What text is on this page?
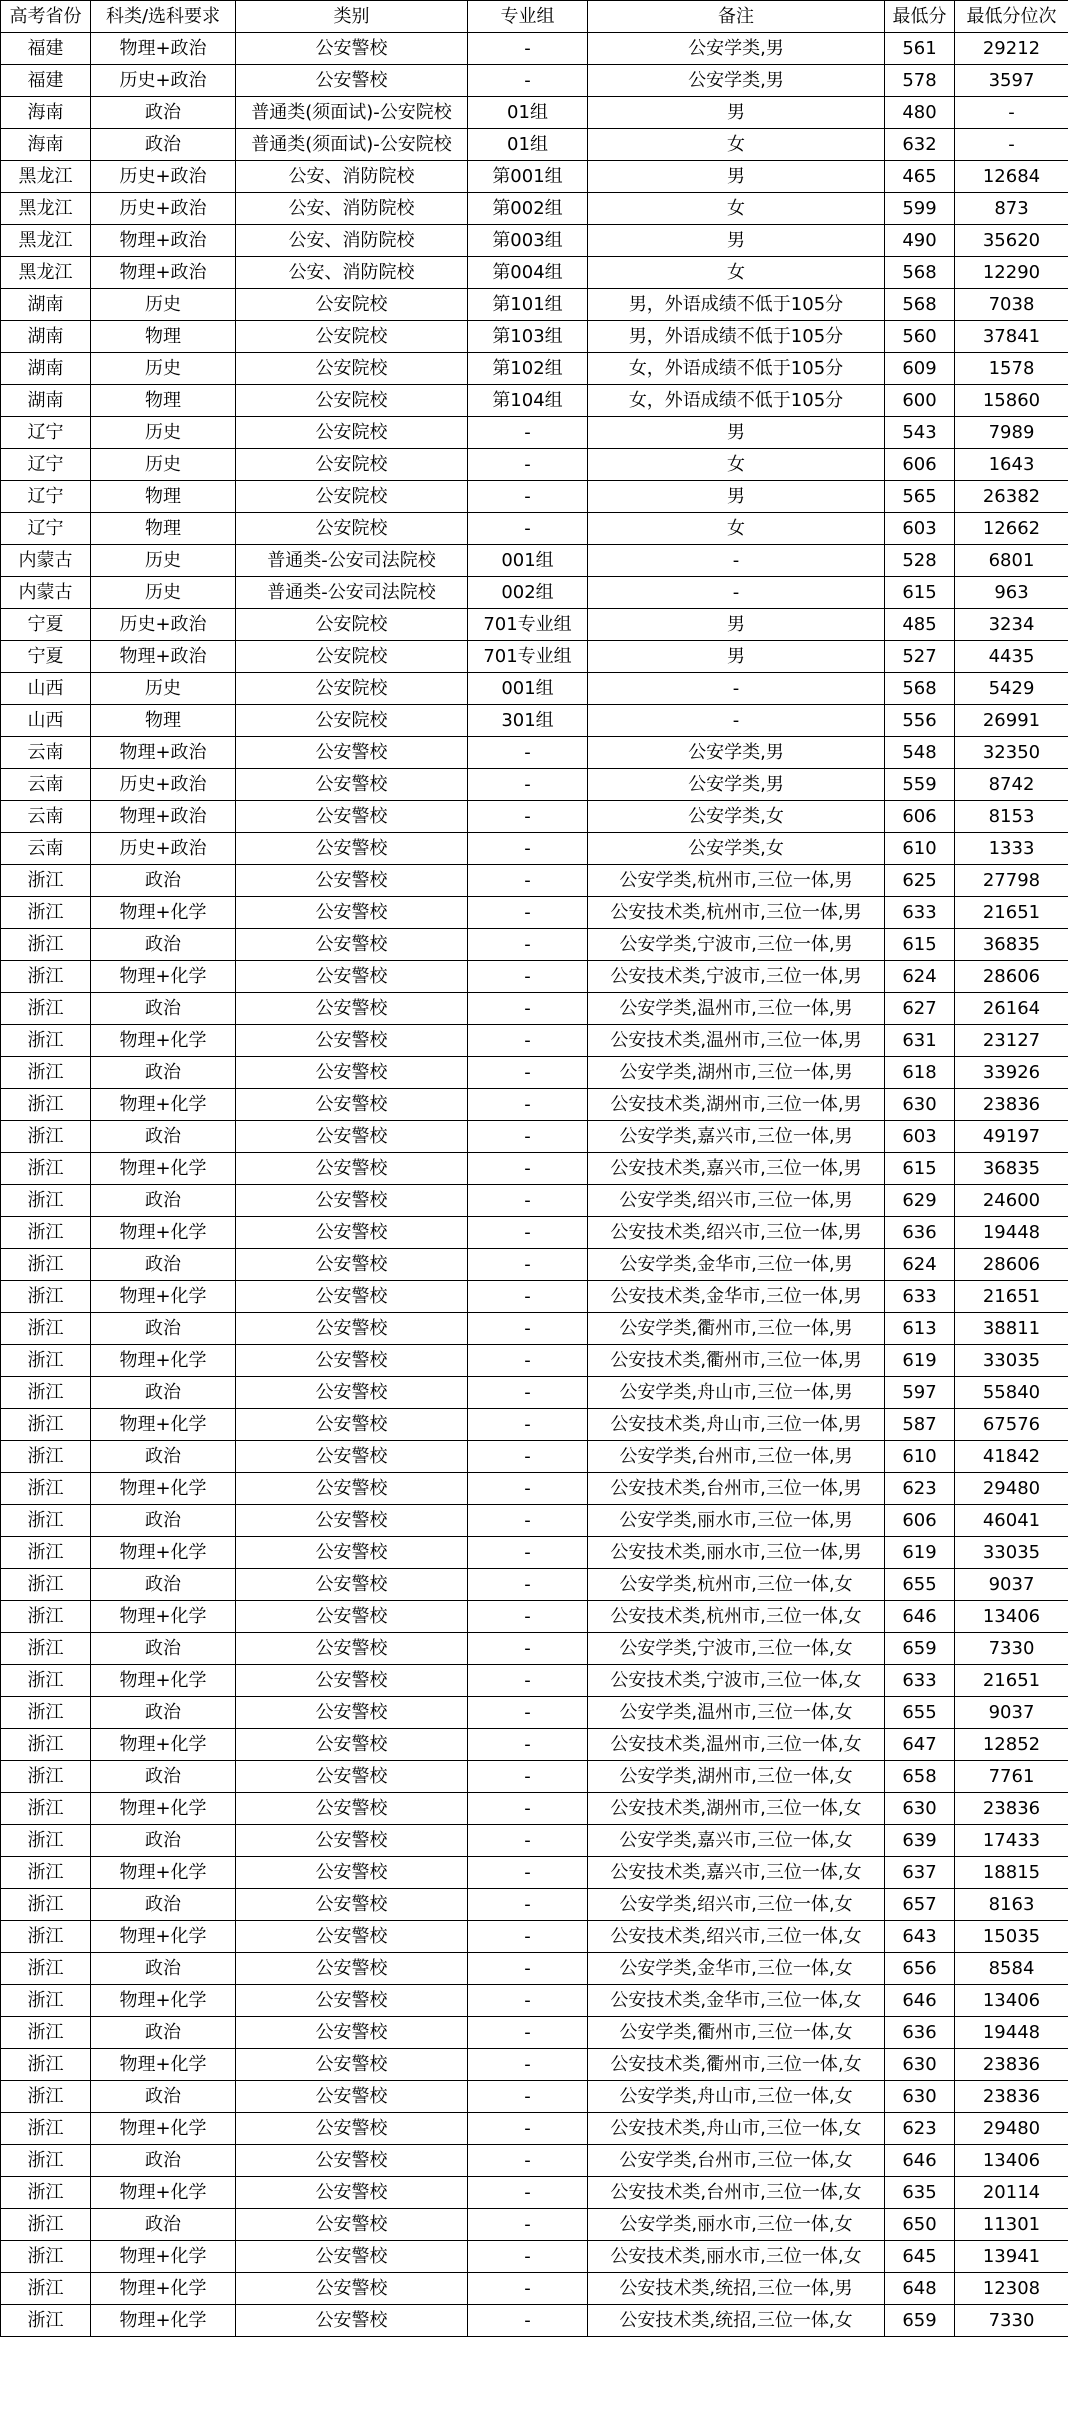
高考省份	科类/选科要求	类别	专业组	备注	最低分	最低分位次
福建	物理+政治	公安警校	-	公安学类,男	561	29212
福建	历史+政治	公安警校	-	公安学类,男	578	3597
海南	政治	普通类(须面试)-公安院校	01组	男	480	-
海南	政治	普通类(须面试)-公安院校	01组	女	632	-
黑龙江	历史+政治	公安、消防院校	第001组	男	465	12684
黑龙江	历史+政治	公安、消防院校	第002组	女	599	873
黑龙江	物理+政治	公安、消防院校	第003组	男	490	35620
黑龙江	物理+政治	公安、消防院校	第004组	女	568	12290
湖南	历史	公安院校	第101组	男，外语成绩不低于105分	568	7038
湖南	物理	公安院校	第103组	男，外语成绩不低于105分	560	37841
湖南	历史	公安院校	第102组	女，外语成绩不低于105分	609	1578
湖南	物理	公安院校	第104组	女，外语成绩不低于105分	600	15860
辽宁	历史	公安院校	-	男	543	7989
辽宁	历史	公安院校	-	女	606	1643
辽宁	物理	公安院校	-	男	565	26382
辽宁	物理	公安院校	-	女	603	12662
内蒙古	历史	普通类-公安司法院校	001组	-	528	6801
内蒙古	历史	普通类-公安司法院校	002组	-	615	963
宁夏	历史+政治	公安院校	701专业组	男	485	3234
宁夏	物理+政治	公安院校	701专业组	男	527	4435
山西	历史	公安院校	001组	-	568	5429
山西	物理	公安院校	301组	-	556	26991
云南	物理+政治	公安警校	-	公安学类,男	548	32350
云南	历史+政治	公安警校	-	公安学类,男	559	8742
云南	物理+政治	公安警校	-	公安学类,女	606	8153
云南	历史+政治	公安警校	-	公安学类,女	610	1333
浙江	政治	公安警校	-	公安学类,杭州市,三位一体,男	625	27798
浙江	物理+化学	公安警校	-	公安技术类,杭州市,三位一体,男	633	21651
浙江	政治	公安警校	-	公安学类,宁波市,三位一体,男	615	36835
浙江	物理+化学	公安警校	-	公安技术类,宁波市,三位一体,男	624	28606
浙江	政治	公安警校	-	公安学类,温州市,三位一体,男	627	26164
浙江	物理+化学	公安警校	-	公安技术类,温州市,三位一体,男	631	23127
浙江	政治	公安警校	-	公安学类,湖州市,三位一体,男	618	33926
浙江	物理+化学	公安警校	-	公安技术类,湖州市,三位一体,男	630	23836
浙江	政治	公安警校	-	公安学类,嘉兴市,三位一体,男	603	49197
浙江	物理+化学	公安警校	-	公安技术类,嘉兴市,三位一体,男	615	36835
浙江	政治	公安警校	-	公安学类,绍兴市,三位一体,男	629	24600
浙江	物理+化学	公安警校	-	公安技术类,绍兴市,三位一体,男	636	19448
浙江	政治	公安警校	-	公安学类,金华市,三位一体,男	624	28606
浙江	物理+化学	公安警校	-	公安技术类,金华市,三位一体,男	633	21651
浙江	政治	公安警校	-	公安学类,衢州市,三位一体,男	613	38811
浙江	物理+化学	公安警校	-	公安技术类,衢州市,三位一体,男	619	33035
浙江	政治	公安警校	-	公安学类,舟山市,三位一体,男	597	55840
浙江	物理+化学	公安警校	-	公安技术类,舟山市,三位一体,男	587	67576
浙江	政治	公安警校	-	公安学类,台州市,三位一体,男	610	41842
浙江	物理+化学	公安警校	-	公安技术类,台州市,三位一体,男	623	29480
浙江	政治	公安警校	-	公安学类,丽水市,三位一体,男	606	46041
浙江	物理+化学	公安警校	-	公安技术类,丽水市,三位一体,男	619	33035
浙江	政治	公安警校	-	公安学类,杭州市,三位一体,女	655	9037
浙江	物理+化学	公安警校	-	公安技术类,杭州市,三位一体,女	646	13406
浙江	政治	公安警校	-	公安学类,宁波市,三位一体,女	659	7330
浙江	物理+化学	公安警校	-	公安技术类,宁波市,三位一体,女	633	21651
浙江	政治	公安警校	-	公安学类,温州市,三位一体,女	655	9037
浙江	物理+化学	公安警校	-	公安技术类,温州市,三位一体,女	647	12852
浙江	政治	公安警校	-	公安学类,湖州市,三位一体,女	658	7761
浙江	物理+化学	公安警校	-	公安技术类,湖州市,三位一体,女	630	23836
浙江	政治	公安警校	-	公安学类,嘉兴市,三位一体,女	639	17433
浙江	物理+化学	公安警校	-	公安技术类,嘉兴市,三位一体,女	637	18815
浙江	政治	公安警校	-	公安学类,绍兴市,三位一体,女	657	8163
浙江	物理+化学	公安警校	-	公安技术类,绍兴市,三位一体,女	643	15035
浙江	政治	公安警校	-	公安学类,金华市,三位一体,女	656	8584
浙江	物理+化学	公安警校	-	公安技术类,金华市,三位一体,女	646	13406
浙江	政治	公安警校	-	公安学类,衢州市,三位一体,女	636	19448
浙江	物理+化学	公安警校	-	公安技术类,衢州市,三位一体,女	630	23836
浙江	政治	公安警校	-	公安学类,舟山市,三位一体,女	630	23836
浙江	物理+化学	公安警校	-	公安技术类,舟山市,三位一体,女	623	29480
浙江	政治	公安警校	-	公安学类,台州市,三位一体,女	646	13406
浙江	物理+化学	公安警校	-	公安技术类,台州市,三位一体,女	635	20114
浙江	政治	公安警校	-	公安学类,丽水市,三位一体,女	650	11301
浙江	物理+化学	公安警校	-	公安技术类,丽水市,三位一体,女	645	13941
浙江	物理+化学	公安警校	-	公安技术类,统招,三位一体,男	648	12308
浙江	物理+化学	公安警校	-	公安技术类,统招,三位一体,女	659	7330
